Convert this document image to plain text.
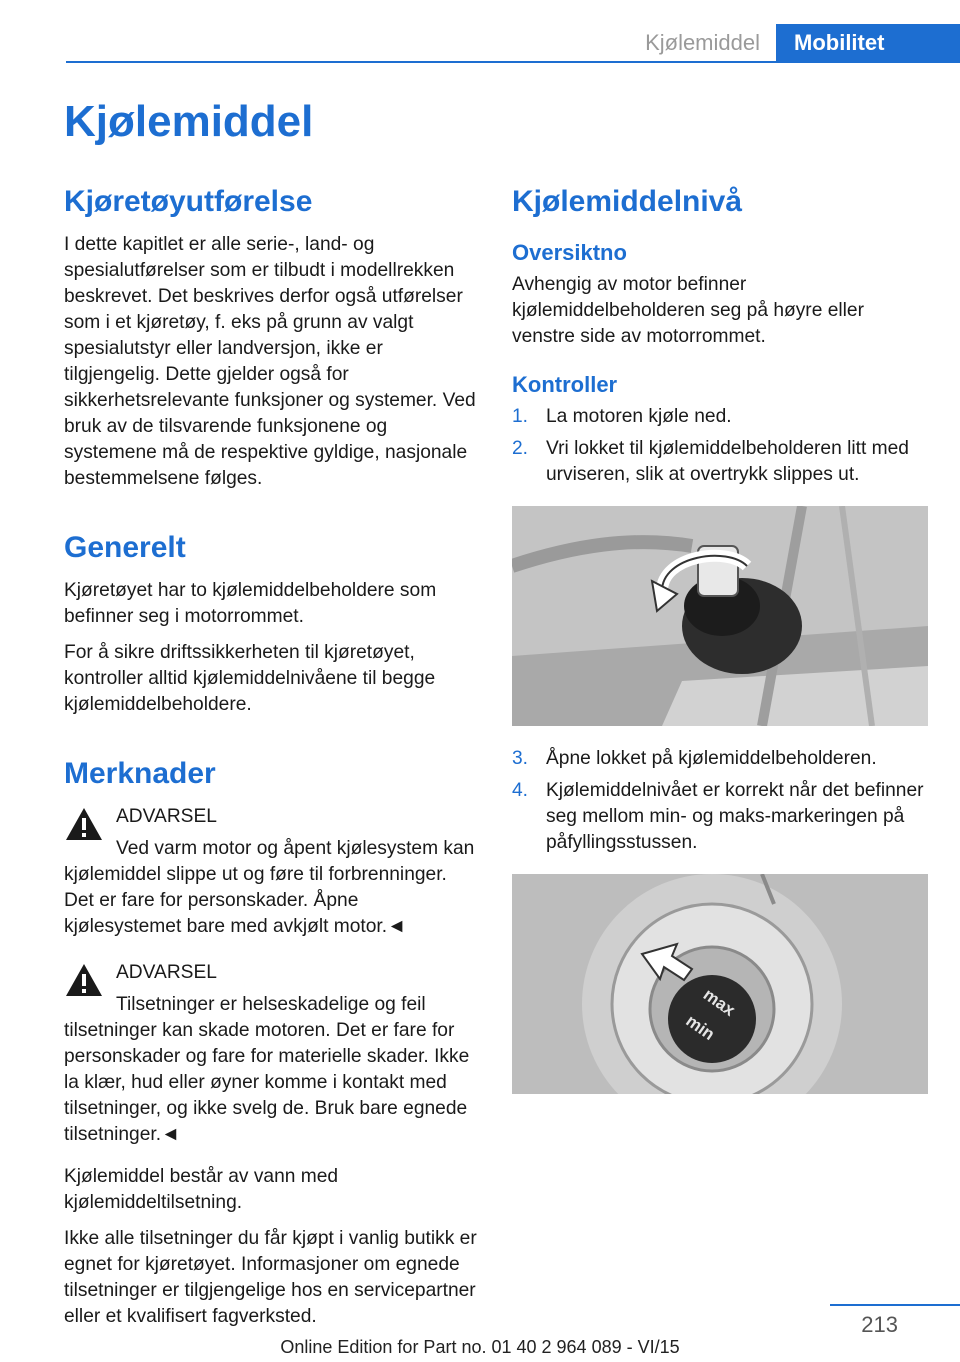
Kjølemiddel	Mobilitet
Kjølemiddel
Kjøretøyutførelse

I dette kapitlet er alle serie-, land- og spesialutførelser som er tilbudt i modellrekken beskrevet. Det beskrives derfor også utførelser som i et kjøretøy, f. eks på grunn av valgt spesialutstyr eller landversjon, ikke er tilgjengelig. Dette gjelder også for sikkerhetsrelevante funksjoner og systemer. Ved bruk av de tilsvarende funksjonene og systemene må de respektive gyldige, nasjonale bestemmelsene følges.

Generelt

Kjøretøyet har to kjølemiddelbeholdere som befinner seg i motorrommet.

For å sikre driftssikkerheten til kjøretøyet, kontroller alltid kjølemiddelnivåene til begge kjølemiddelbeholdere.

Merknader
ADVARSEL

Ved varm motor og åpent kjølesystem kan kjølemiddel slippe ut og føre til forbrenninger. Det er fare for personskader. Åpne kjølesystemet bare med avkjølt motor.◄

ADVARSEL

Tilsetninger er helseskadelige og feil tilsetninger kan skade motoren. Det er fare for personskader og fare for materielle skader. Ikke la klær, hud eller øyner komme i kontakt med tilsetninger, og ikke svelg de. Bruk bare egnede tilsetninger.◄

Kjølemiddel består av vann med kjølemiddeltilsetning.

Ikke alle tilsetninger du får kjøpt i vanlig butikk er egnet for kjøretøyet. Informasjoner om egnede tilsetninger er tilgjengelige hos en servicepartner eller et kvalifisert fagverksted.

Kjølemiddelnivå
Oversiktno

Avhengig av motor befinner kjølemiddelbeholderen seg på høyre eller venstre side av motorrommet.

Kontroller
1. La motoren kjøle ned.
2. Vri lokket til kjølemiddelbeholderen litt med urviseren, slik at overtrykk slippes ut.
3. Åpne lokket på kjølemiddelbeholderen.
4. Kjølemiddelnivået er korrekt når det befinner seg mellom min- og maks-markeringen på påfyllingsstussen.
max
min
213
Online Edition for Part no. 01 40 2 964 089 - VI/15
